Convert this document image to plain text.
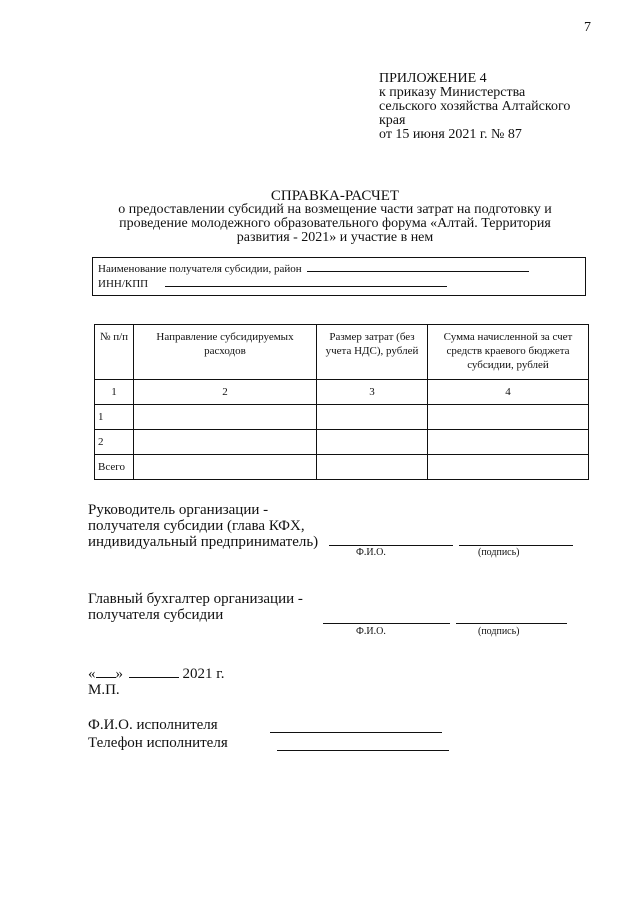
7
ПРИЛОЖЕНИЕ 4
к приказу Министерства
сельского хозяйства Алтайского
края
от 15 июня 2021 г. № 87
СПРАВКА-РАСЧЕТ
о предоставлении субсидий на возмещение части затрат на подготовку и
проведение молодежного образовательного форума «Алтай. Территория
развития - 2021» и участие в нем
Наименование получателя субсидии, район
ИНН/КПП
№ п/п	Направление субсидируемых расходов	Размер затрат (без учета НДС), рублей	Сумма начисленной за счет средств краевого бюджета субсидии, рублей
1	2	3	4
1			
2			
Всего			
Руководитель организации -
получателя субсидии (глава КФХ,
индивидуальный предприниматель)
Ф.И.О.	(подпись)
Главный бухгалтер организации -
получателя субсидии
Ф.И.О.	(подпись)
« »	2021 г.
М.П.
Ф.И.О. исполнителя
Телефон исполнителя
